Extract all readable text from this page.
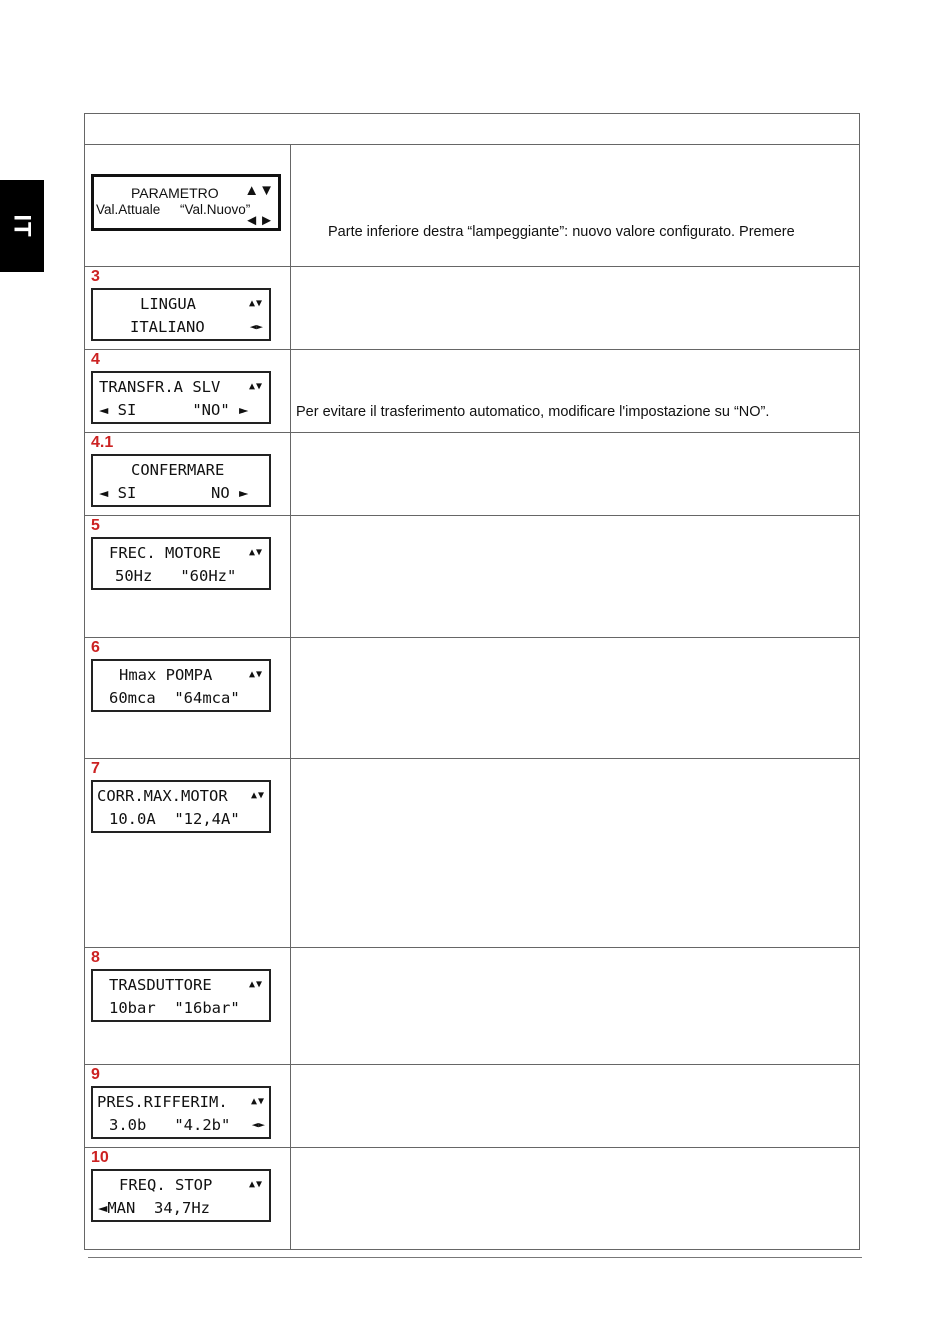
IT

PARAMETRO ▲▼
Val.Attuale “Val.Nuovo”
◄►	Parte inferiore destra “lampeggiante”: nuovo valore configurato. Premere

3
LINGUA ▲▼
ITALIANO ◄►	

4
TRANSFR.A SLV ▲▼
◄ SI      "NO" ►	Per evitare il trasferimento automatico, modificare l'impostazione su “NO”.

4.1
CONFERMARE
◄ SI        NO ►	

5
FREC. MOTORE ▲▼
50Hz   "60Hz"	

6
Hmax POMPA ▲▼
60mca  "64mca"	

7
CORR.MAX.MOTOR ▲▼
10.0A  "12,4A"	

8
TRASDUTTORE ▲▼
10bar  "16bar"	

9
PRES.RIFFERIM. ▲▼
3.0b   "4.2b" ◄►	

10
FREQ. STOP ▲▼
◄MAN  34,7Hz	
